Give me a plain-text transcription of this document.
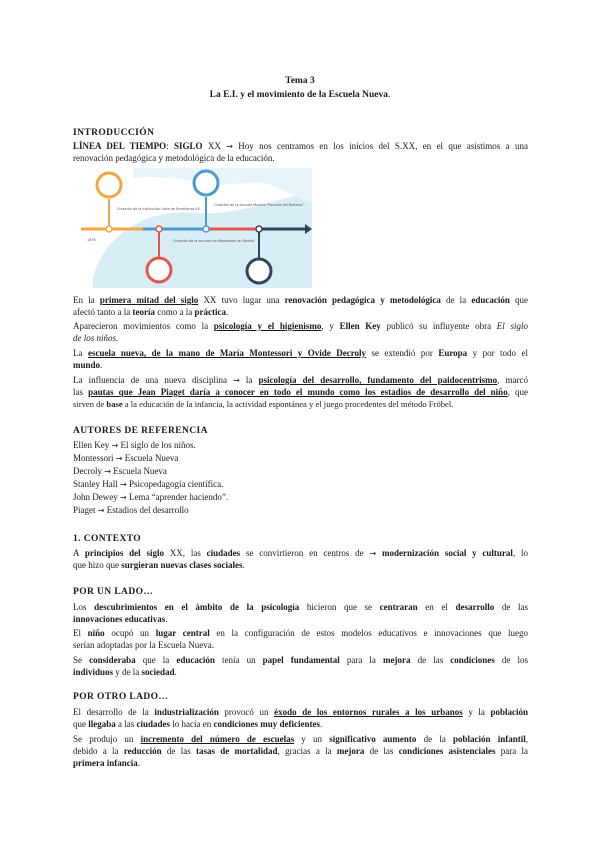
Tema 3
La E.I. y el movimiento de la Escuela Nueva.
INTRODUCCIÓN
LÍNEA DEL TIEMPO: SIGLO XX → Hoy nos centramos en los inicios del S.XX, en el que asistimos a una
renovación pedagógica y metodológica de la educación.
Creación de la Institución Libre de Enseñanza ILE
Creación de la escuela Modelo "Escuela del Mañana"
Creación de la escuela de Montessori en Madrid
1876
En la primera mitad del siglo XX tuvo lugar una renovación pedagógica y metodológica de la educación que
afectó tanto a la teoría como a la práctica.
Aparecieron movimientos como la psicología y el higienismo, y Ellen Key publicó su influyente obra El siglo
de los niños.
La escuela nueva, de la mano de María Montessori y Ovide Decroly se extendió por Europa y por todo el
mundo.
La influencia de una nueva disciplina → la psicología del desarrollo, fundamento del paidocentrismo, marcó
las pautas que Jean Piaget daría a conocer en todo el mundo como los estadios de desarrollo del niño, que
sirven de base a la educación de la infancia, la actividad espontánea y el juego procedentes del método Fröbel.
AUTORES DE REFERENCIA
Ellen Key → El siglo de los niños.
Montessori → Escuela Nueva
Decroly → Escuela Nueva
Stanley Hall → Psicopedagogía científica.
John Dewey → Lema “aprender haciendo”.
Piaget → Estadios del desarrollo
1. CONTEXTO
A principios del siglo XX, las ciudades se convirtieron en centros de → modernización social y cultural, lo
que hizo que surgieran nuevas clases sociales.
POR UN LADO…
Los descubrimientos en el ámbito de la psicología hicieron que se centraran en el desarrollo de las
innovaciones educativas.
El niño ocupó un lugar central en la configuración de estos modelos educativos e innovaciones que luego
serían adoptadas por la Escuela Nueva.
Se consideraba que la educación tenía un papel fundamental para la mejora de las condiciones de los
individuos y de la sociedad.
POR OTRO LADO…
El desarrollo de la industrialización provocó un éxodo de los entornos rurales a los urbanos y la población
que llegaba a las ciudades lo hacía en condiciones muy deficientes.
Se produjo un incremento del número de escuelas y un significativo aumento de la población infantil,
debido a la reducción de las tasas de mortalidad, gracias a la mejora de las condiciones asistenciales para la
primera infancia.
